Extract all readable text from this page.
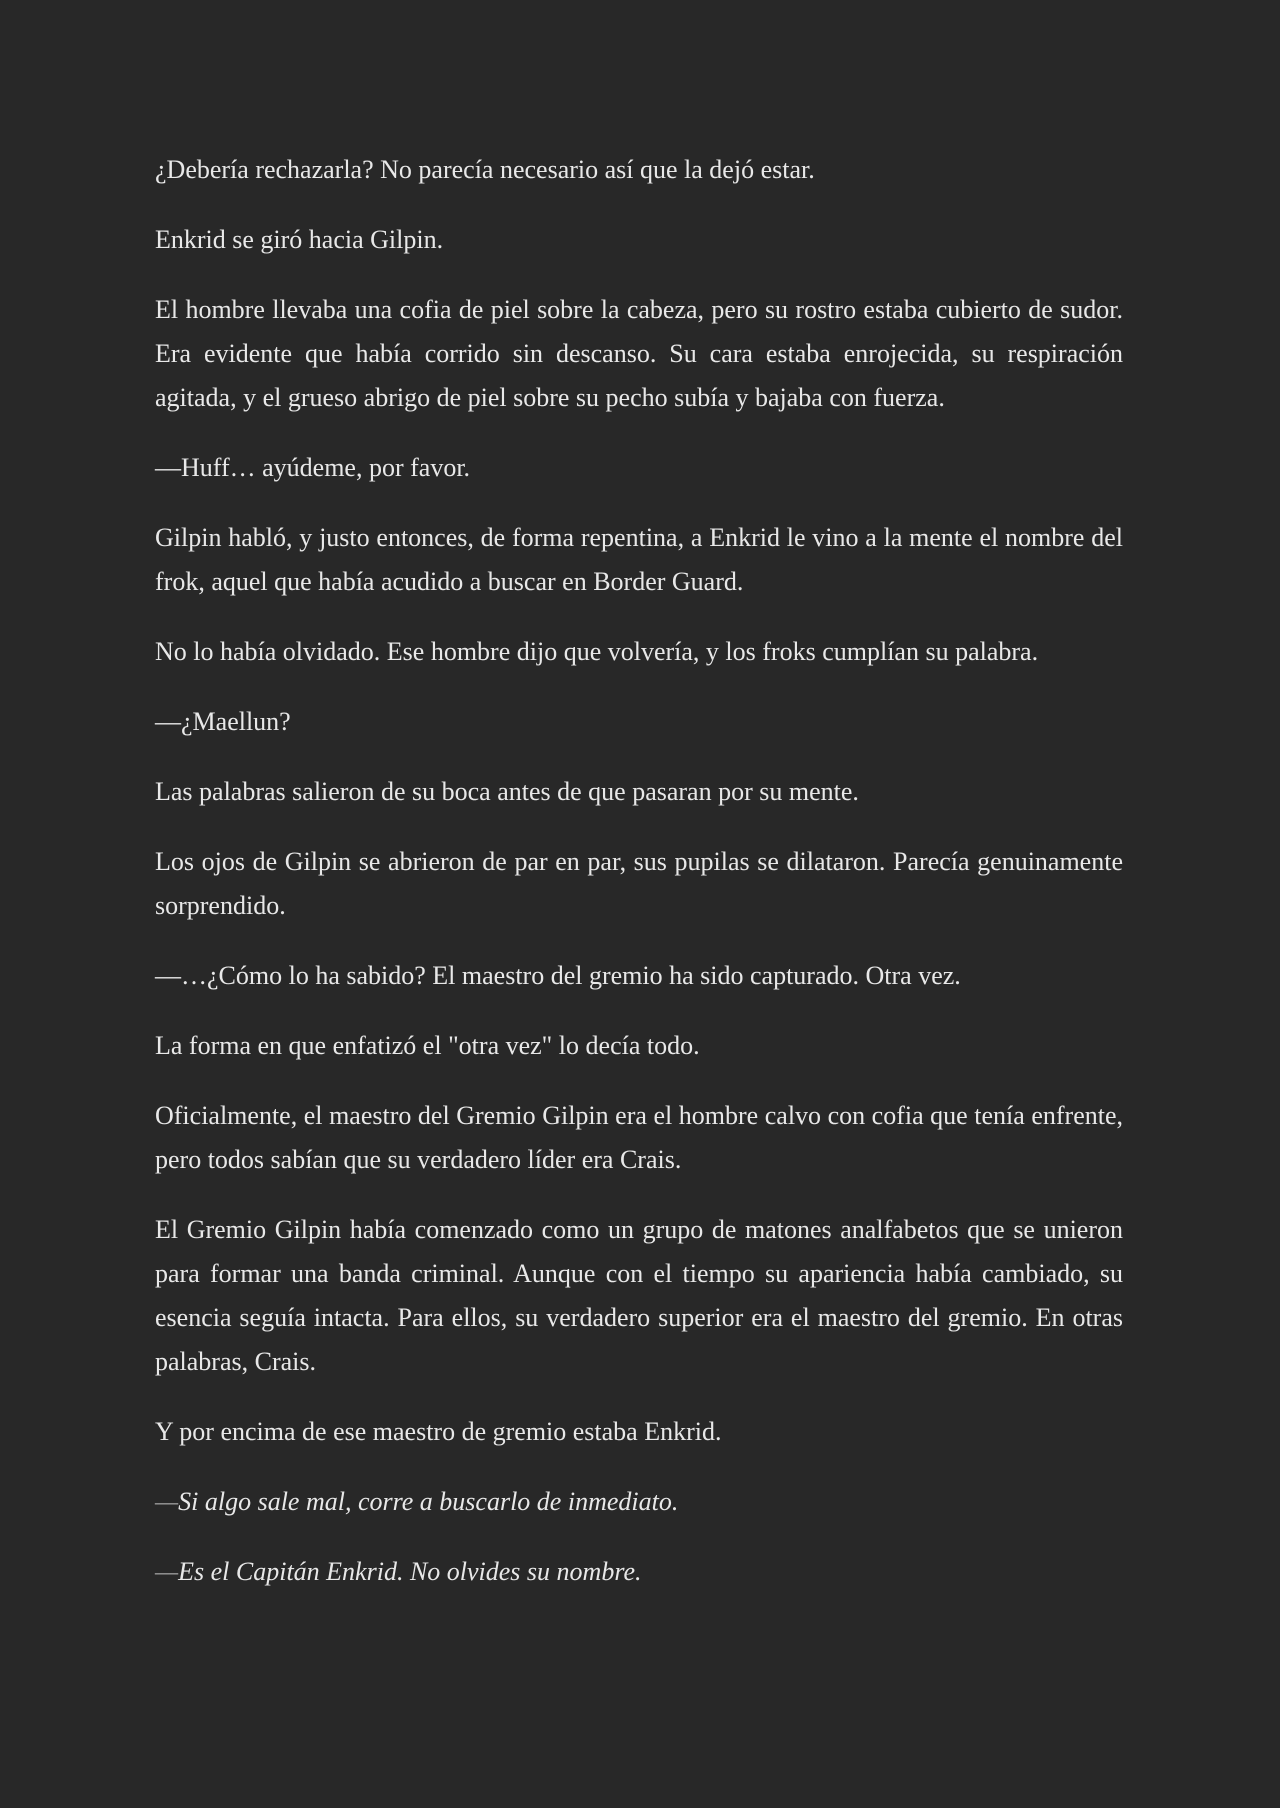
¿Debería rechazarla? No parecía necesario así que la dejó estar.

Enkrid se giró hacia Gilpin.

El hombre llevaba una cofia de piel sobre la cabeza, pero su rostro estaba cubierto de sudor. Era evidente que había corrido sin descanso. Su cara estaba enrojecida, su respiración agitada, y el grueso abrigo de piel sobre su pecho subía y bajaba con fuerza.

—Huff… ayúdeme, por favor.

Gilpin habló, y justo entonces, de forma repentina, a Enkrid le vino a la mente el nombre del frok, aquel que había acudido a buscar en Border Guard.

No lo había olvidado. Ese hombre dijo que volvería, y los froks cumplían su palabra.

—¿Maellun?

Las palabras salieron de su boca antes de que pasaran por su mente.

Los ojos de Gilpin se abrieron de par en par, sus pupilas se dilataron. Parecía genuinamente sorprendido.

—…¿Cómo lo ha sabido? El maestro del gremio ha sido capturado. Otra vez.

La forma en que enfatizó el "otra vez" lo decía todo.

Oficialmente, el maestro del Gremio Gilpin era el hombre calvo con cofia que tenía enfrente, pero todos sabían que su verdadero líder era Crais.

El Gremio Gilpin había comenzado como un grupo de matones analfabetos que se unieron para formar una banda criminal. Aunque con el tiempo su apariencia había cambiado, su esencia seguía intacta. Para ellos, su verdadero superior era el maestro del gremio. En otras palabras, Crais.

Y por encima de ese maestro de gremio estaba Enkrid.

—Si algo sale mal, corre a buscarlo de inmediato.

—Es el Capitán Enkrid. No olvides su nombre.
